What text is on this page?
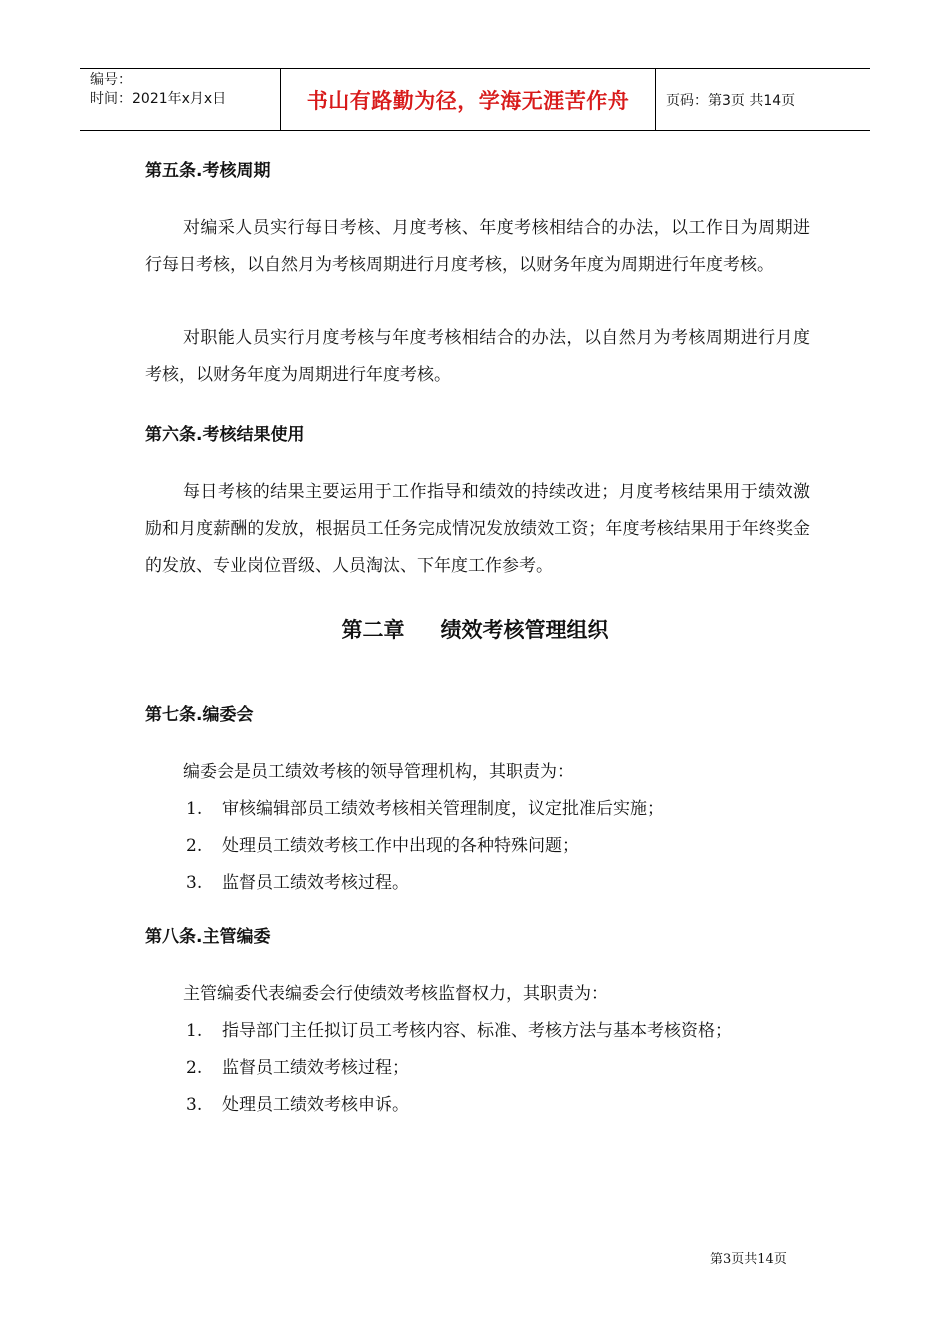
编号：
时间：2021年x月x日	书山有路勤为径，学海无涯苦作舟	页码：第3页 共14页
第五条.考核周期

对编采人员实行每日考核、月度考核、年度考核相结合的办法，以工作日为周期进行每日考核，以自然月为考核周期进行月度考核，以财务年度为周期进行年度考核。

对职能人员实行月度考核与年度考核相结合的办法，以自然月为考核周期进行月度考核，以财务年度为周期进行年度考核。

第六条.考核结果使用

每日考核的结果主要运用于工作指导和绩效的持续改进；月度考核结果用于绩效激励和月度薪酬的发放，根据员工任务完成情况发放绩效工资；年度考核结果用于年终奖金的发放、专业岗位晋级、人员淘汰、下年度工作参考。

第二章 绩效考核管理组织
第七条.编委会

编委会是员工绩效考核的领导管理机构，其职责为：

1.	审核编辑部员工绩效考核相关管理制度，议定批准后实施；
2.	处理员工绩效考核工作中出现的各种特殊问题；
3.	监督员工绩效考核过程。
第八条.主管编委

主管编委代表编委会行使绩效考核监督权力，其职责为：

1.	指导部门主任拟订员工考核内容、标准、考核方法与基本考核资格；
2.	监督员工绩效考核过程；
3.	处理员工绩效考核申诉。
第3页共14页
